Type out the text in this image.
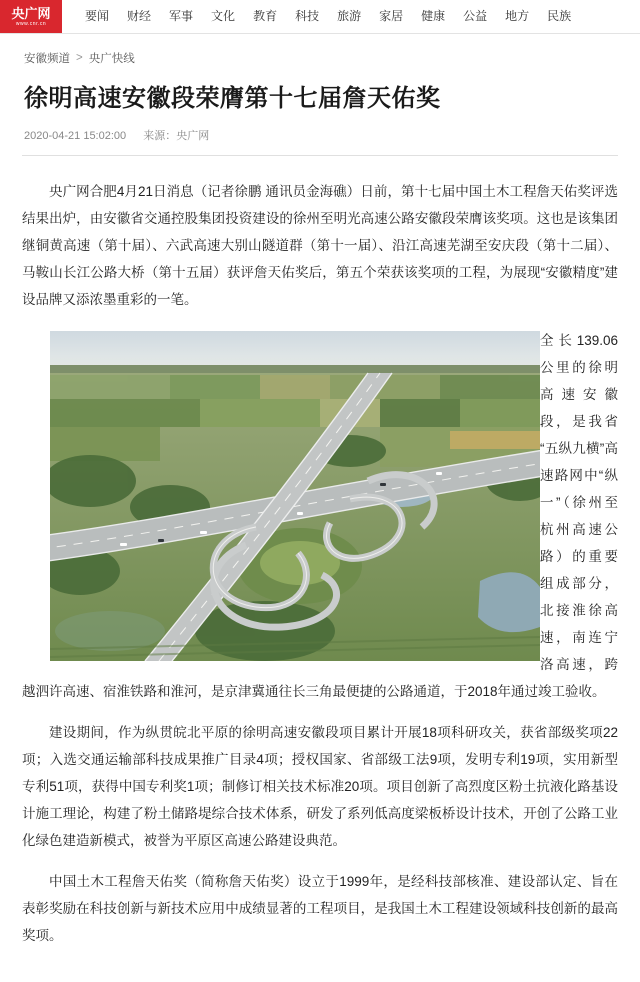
央广网
www.cnr.cn
要闻	财经	军事	文化	教育	科技	旅游	家居	健康	公益	地方	民族
安徽频道 > 央广快线
徐明高速安徽段荣膺第十七届詹天佑奖
2020-04-21 15:02:00 来源：央广网

央广网合肥4月21日消息（记者徐鹏 通讯员金海礁）日前，第十七届中国土木工程詹天佑奖评选结果出炉，由安徽省交通控股集团投资建设的徐州至明光高速公路安徽段荣膺该奖项。这也是该集团继铜黄高速（第十届）、六武高速大别山隧道群（第十一届）、沿江高速芜湖至安庆段（第十二届）、马鞍山长江公路大桥（第十五届）获评詹天佑奖后，第五个荣获该奖项的工程，为展现“安徽精度”建设品牌又添浓墨重彩的一笔。

全长139.06公里的徐明高速安徽段，是我省“五纵九横”高速路网中“纵一”（徐州至杭州高速公路）的重要组成部分，北接淮徐高速，南连宁洛高速，跨越泗许高速、宿淮铁路和淮河，是京津冀通往长三角最便捷的公路通道，于2018年通过竣工验收。

建设期间，作为纵贯皖北平原的徐明高速安徽段项目累计开展18项科研攻关，获省部级奖项22项；入选交通运输部科技成果推广目录4项；授权国家、省部级工法9项，发明专利19项，实用新型专利51项，获得中国专利奖1项；制修订相关技术标准20项。项目创新了高烈度区粉土抗液化路基设计施工理论，构建了粉土储路堤综合技术体系，研发了系列低高度梁板桥设计技术，开创了公路工业化绿色建造新模式，被誉为平原区高速公路建设典范。

中国土木工程詹天佑奖（简称詹天佑奖）设立于1999年，是经科技部核准、建设部认定、旨在表彰奖励在科技创新与新技术应用中成绩显著的工程项目，是我国土木工程建设领域科技创新的最高奖项。
